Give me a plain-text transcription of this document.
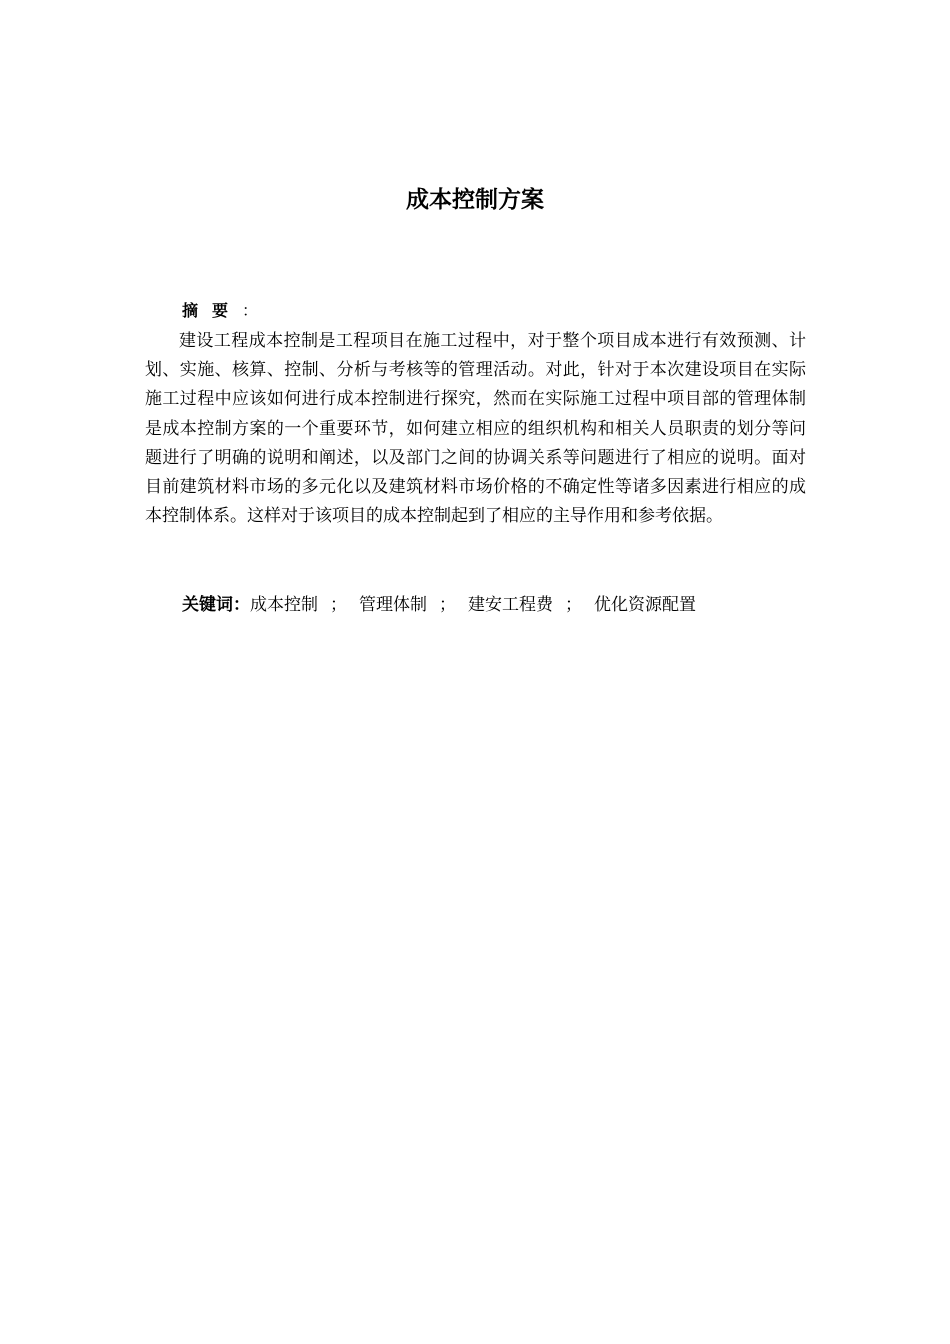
成本控制方案
摘要：

建设工程成本控制是工程项目在施工过程中，对于整个项目成本进行有效预测、计划、实施、核算、控制、分析与考核等的管理活动。对此，针对于本次建设项目在实际施工过程中应该如何进行成本控制进行探究，然而在实际施工过程中项目部的管理体制是成本控制方案的一个重要环节，如何建立相应的组织机构和相关人员职责的划分等问题进行了明确的说明和阐述，以及部门之间的协调关系等问题进行了相应的说明。面对目前建筑材料市场的多元化以及建筑材料市场价格的不确定性等诸多因素进行相应的成本控制体系。这样对于该项目的成本控制起到了相应的主导作用和参考依据。

关键词：成本控制 ； 管理体制 ； 建安工程费 ； 优化资源配置
